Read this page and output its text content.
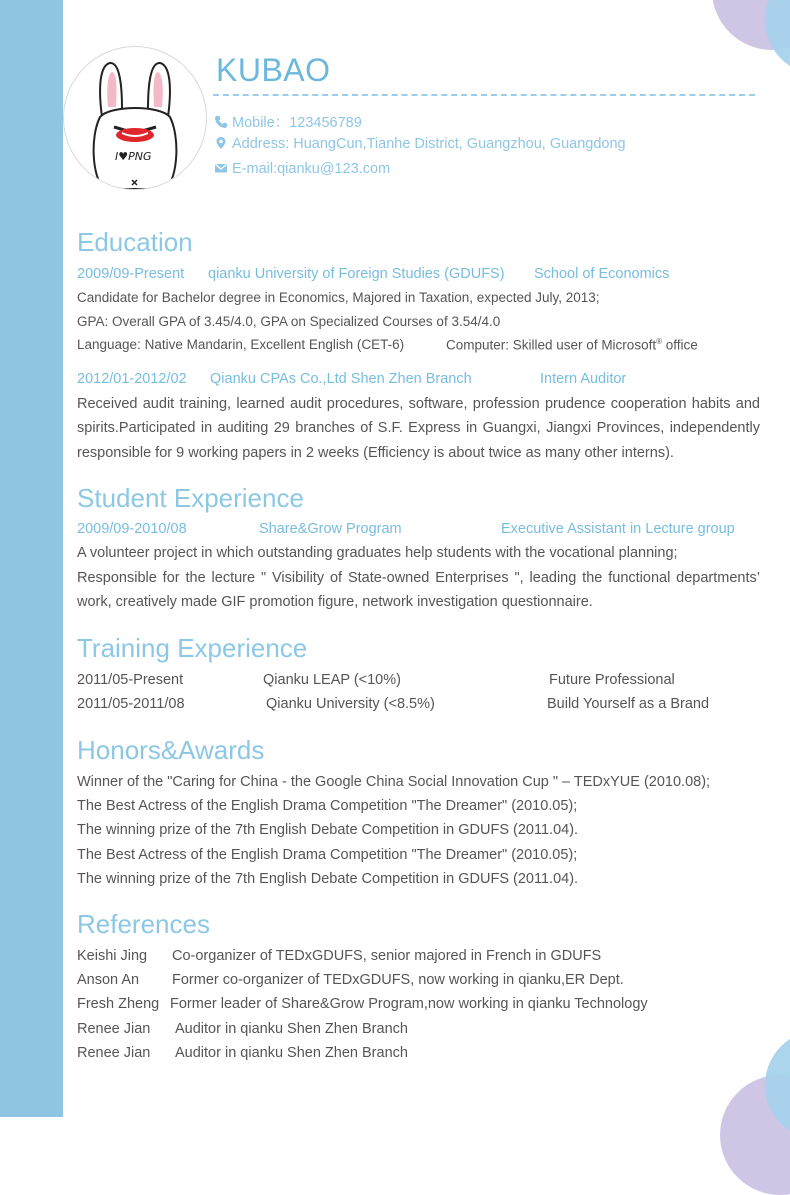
I♥PNG
KUBAO
Mobile：123456789
Address: HuangCun,Tianhe District, Guangzhou, Guangdong
E-mail:qianku@123.com
Education
2009/09-Present qianku University of Foreign Studies (GDUFS) School of Economics
Candidate for Bachelor degree in Economics, Majored in Taxation, expected July, 2013;
GPA: Overall GPA of 3.45/4.0, GPA on Specialized Courses of 3.54/4.0
Language: Native Mandarin, Excellent English (CET-6)	Computer: Skilled user of Microsoft® office
2012/01-2012/02 Qianku CPAs Co.,Ltd Shen Zhen Branch	Intern Auditor
Received audit training, learned audit procedures, software, profession prudence cooperation habits and spirits.Participated in auditing 29 branches of S.F. Express in Guangxi, Jiangxi Provinces, independently responsible for 9 working papers in 2 weeks (Efficiency is about twice as many other interns).
Student Experience
2009/09-2010/08	Share&Grow Program	Executive Assistant in Lecture group
A volunteer project in which outstanding graduates help students with the vocational planning;
Responsible for the lecture " Visibility of State-owned Enterprises ", leading the functional departments’ work, creatively made GIF promotion figure, network investigation questionnaire.
Training Experience
2011/05-Present	Qianku LEAP (<10%)	Future Professional
2011/05-2011/08	Qianku University (<8.5%)	Build Yourself as a Brand
Honors&Awards
Winner of the "Caring for China - the Google China Social Innovation Cup " – TEDxYUE (2010.08);
The Best Actress of the English Drama Competition "The Dreamer" (2010.05);
The winning prize of the 7th English Debate Competition in GDUFS (2011.04).
The Best Actress of the English Drama Competition "The Dreamer" (2010.05);
The winning prize of the 7th English Debate Competition in GDUFS (2011.04).
References
Keishi Jing Co-organizer of TEDxGDUFS, senior majored in French in GDUFS
Anson An Former co-organizer of TEDxGDUFS, now working in qianku,ER Dept.
Fresh Zheng Former leader of Share&Grow Program,now working in qianku Technology
Renee Jian Auditor in qianku Shen Zhen Branch
Renee Jian Auditor in qianku Shen Zhen Branch
